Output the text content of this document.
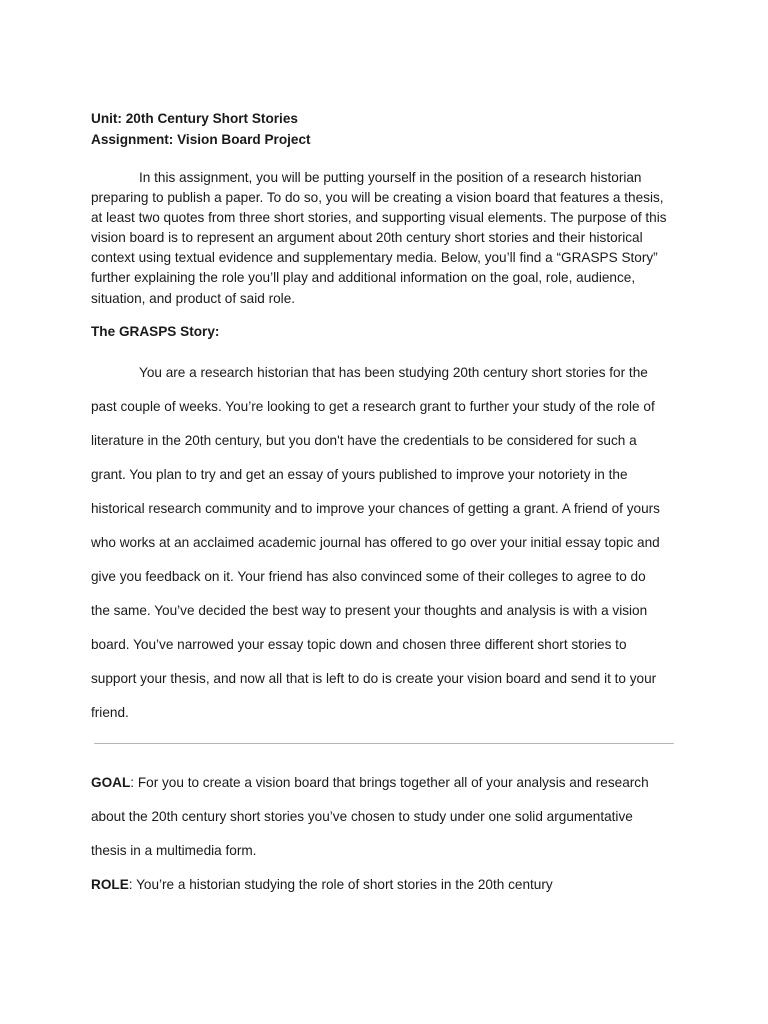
Unit: 20th Century Short Stories
Assignment: Vision Board Project
In this assignment, you will be putting yourself in the position of a research historian
preparing to publish a paper. To do so, you will be creating a vision board that features a thesis,
at least two quotes from three short stories, and supporting visual elements. The purpose of this
vision board is to represent an argument about 20th century short stories and their historical
context using textual evidence and supplementary media. Below, you’ll find a “GRASPS Story”
further explaining the role you’ll play and additional information on the goal, role, audience,
situation, and product of said role.
The GRASPS Story:
You are a research historian that has been studying 20th century short stories for the
past couple of weeks. You’re looking to get a research grant to further your study of the role of
literature in the 20th century, but you don't have the credentials to be considered for such a
grant. You plan to try and get an essay of yours published to improve your notoriety in the
historical research community and to improve your chances of getting a grant. A friend of yours
who works at an acclaimed academic journal has offered to go over your initial essay topic and
give you feedback on it. Your friend has also convinced some of their colleges to agree to do
the same. You’ve decided the best way to present your thoughts and analysis is with a vision
board. You’ve narrowed your essay topic down and chosen three different short stories to
support your thesis, and now all that is left to do is create your vision board and send it to your
friend.
GOAL: For you to create a vision board that brings together all of your analysis and research
about the 20th century short stories you’ve chosen to study under one solid argumentative
thesis in a multimedia form.
ROLE: You’re a historian studying the role of short stories in the 20th century
